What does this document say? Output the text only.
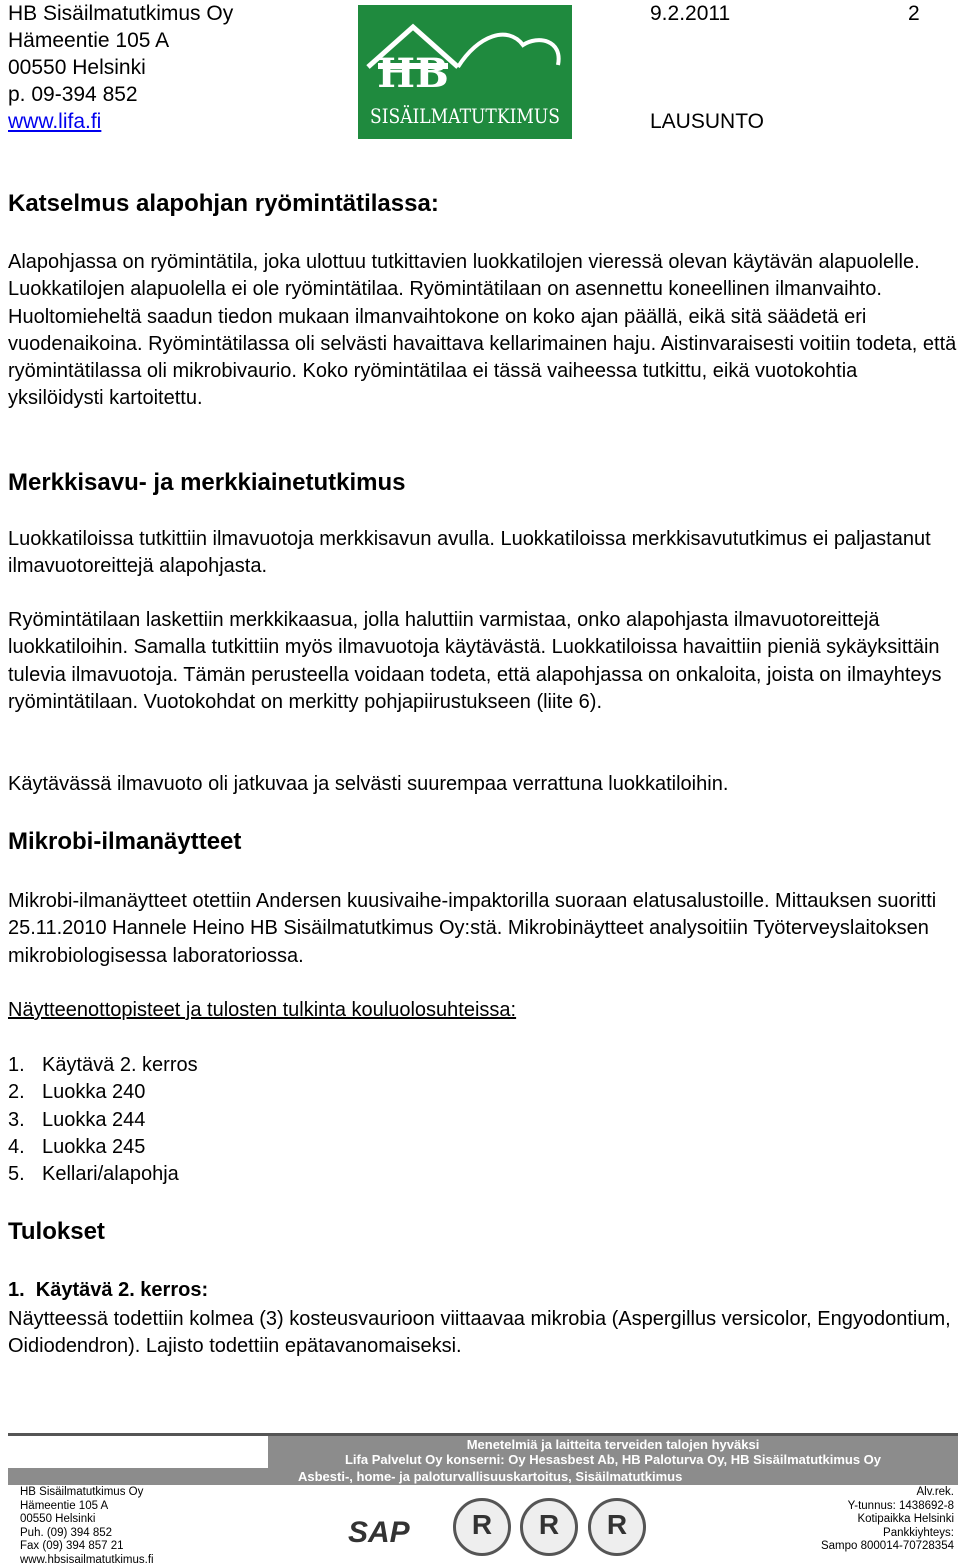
HB Sisäilmatutkimus Oy
Hämeentie 105 A
00550 Helsinki
p. 09-394 852
www.lifa.fi
HB
SISÄILMATUTKIMUS
9.2.2011	2
LAUSUNTO
Katselmus alapohjan ryömintätilassa:
Alapohjassa on ryömintätila, joka ulottuu tutkittavien luokkatilojen vieressä olevan käytävän alapuolelle. Luokkatilojen alapuolella ei ole ryömintätilaa. Ryömintätilaan on asennettu koneellinen ilmanvaihto. Huoltomieheltä saadun tiedon mukaan ilmanvaihtokone on koko ajan päällä, eikä sitä säädetä eri vuodenaikoina. Ryömintätilassa oli selvästi havaittava kellarimainen haju. Aistinvaraisesti voitiin todeta, että ryömintätilassa oli mikrobivaurio. Koko ryömintätilaa ei tässä vaiheessa tutkittu, eikä vuotokohtia yksilöidysti kartoitettu.
Merkkisavu- ja merkkiainetutkimus
Luokkatiloissa tutkittiin ilmavuotoja merkkisavun avulla. Luokkatiloissa merkkisavututkimus ei paljastanut ilmavuotoreittejä alapohjasta.
Ryömintätilaan laskettiin merkkikaasua, jolla haluttiin varmistaa, onko alapohjasta ilmavuotoreittejä luokkatiloihin. Samalla tutkittiin myös ilmavuotoja käytävästä. Luokkatiloissa havaittiin pieniä sykäyksittäin tulevia ilmavuotoja. Tämän perusteella voidaan todeta, että alapohjassa on onkaloita, joista on ilmayhteys ryömintätilaan. Vuotokohdat on merkitty pohjapiirustukseen (liite 6).
Käytävässä ilmavuoto oli jatkuvaa ja selvästi suurempaa verrattuna luokkatiloihin.
Mikrobi-ilmanäytteet
Mikrobi-ilmanäytteet otettiin Andersen kuusivaihe-impaktorilla suoraan elatusalustoille. Mittauksen suoritti 25.11.2010 Hannele Heino HB Sisäilmatutkimus Oy:stä. Mikrobinäytteet analysoitiin Työterveyslaitoksen mikrobiologisessa laboratoriossa.
Näytteenottopisteet ja tulosten tulkinta kouluolosuhteissa:
1. Käytävä 2. kerros
2. Luokka 240
3. Luokka 244
4. Luokka 245
5. Kellari/alapohja
Tulokset
1.  Käytävä 2. kerros:
Näytteessä todettiin kolmea (3) kosteusvaurioon viittaavaa mikrobia (Aspergillus versicolor, Engyodontium, Oidiodendron). Lajisto todettiin epätavanomaiseksi.
Menetelmiä ja laitteita terveiden talojen hyväksi
Lifa Palvelut Oy konserni: Oy Hesasbest Ab, HB Paloturva Oy, HB Sisäilmatutkimus Oy
Asbesti-, home- ja paloturvallisuuskartoitus, Sisäilmatutkimus
HB Sisäilmatutkimus Oy
Hämeentie 105 A
00550 Helsinki
Puh. (09) 394 852
Fax (09) 394 857 21
www.hbsisailmatutkimus.fi
SAP	R	R	R
Alv.rek.
Y-tunnus: 1438692-8
Kotipaikka Helsinki
Pankkiyhteys:
Sampo 800014-70728354
